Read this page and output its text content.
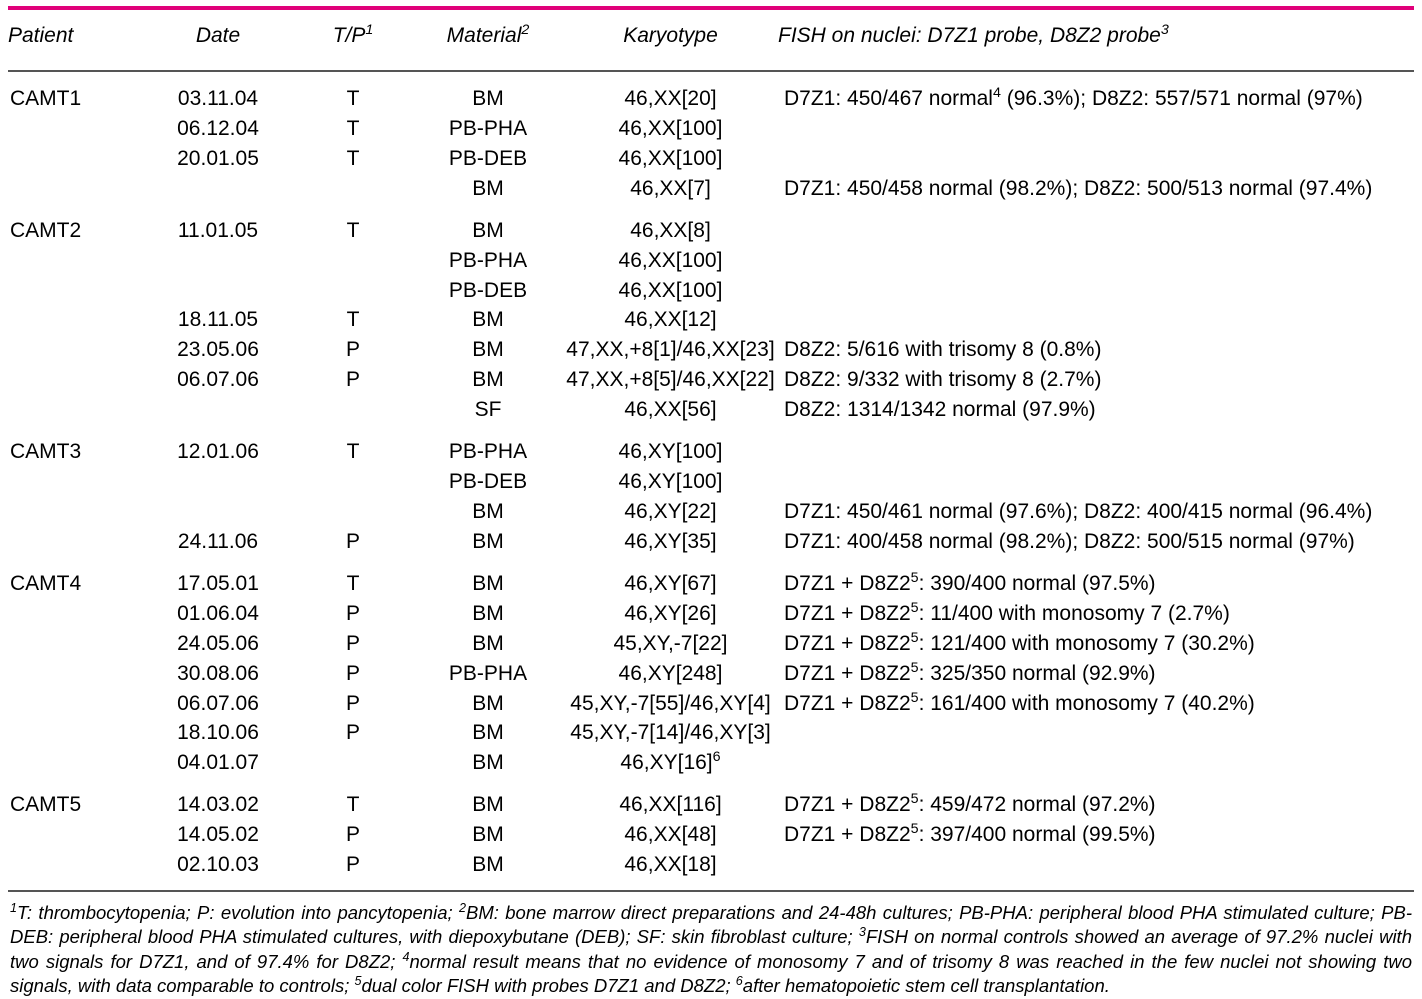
Patient	Date	$T/P^1$	Material$^2$	Karyotype	FISH on nuclei: D7Z1 probe, D8Z2 probe$^3$
CAMT1	03.11.04	T	BM	46,XX[20]	D7Z1: 450/467 normal$^4$ (96.3%); D8Z2: 557/571 normal (97%)
	06.12.04	T	PB-PHA	46,XX[100]	
	20.01.05	T	PB-DEB	46,XX[100]	
			BM	46,XX[7]	D7Z1: 450/458 normal (98.2%); D8Z2: 500/513 normal (97.4%)
CAMT2	11.01.05	T	BM	46,XX[8]	
			PB-PHA	46,XX[100]	
			PB-DEB	46,XX[100]	
	18.11.05	T	BM	46,XX[12]	
	23.05.06	P	BM	47,XX,+8[1]/46,XX[23]	D8Z2: 5/616 with trisomy 8 (0.8%)
	06.07.06	P	BM	47,XX,+8[5]/46,XX[22]	D8Z2: 9/332 with trisomy 8 (2.7%)
			SF	46,XX[56]	D8Z2: 1314/1342 normal (97.9%)
CAMT3	12.01.06	T	PB-PHA	46,XY[100]	
			PB-DEB	46,XY[100]	
			BM	46,XY[22]	D7Z1: 450/461 normal (97.6%); D8Z2: 400/415 normal (96.4%)
	24.11.06	P	BM	46,XY[35]	D7Z1: 400/458 normal (98.2%); D8Z2: 500/515 normal (97%)
CAMT4	17.05.01	T	BM	46,XY[67]	$D7Z1 + D8Z2^5$: 390/400 normal (97.5%)
	01.06.04	P	BM	46,XY[26]	$D7Z1 + D8Z2^5$: 11/400 with monosomy 7 (2.7%)
	24.05.06	P	BM	45,XY,-7[22]	$D7Z1 + D8Z2^5$: 121/400 with monosomy 7 (30.2%)
	30.08.06	P	PB-PHA	46,XY[248]	$D7Z1 + D8Z2^5$: 325/350 normal (92.9%)
	06.07.06	P	BM	45,XY,-7[55]/46,XY[4]	$D7Z1 + D8Z2^5$: 161/400 with monosomy 7 (40.2%)
	18.10.06	P	BM	45,XY,-7[14]/46,XY[3]	
	04.01.07		BM	$46,XY[16]^6$	
CAMT5	14.03.02	T	BM	46,XX[116]	$D7Z1 + D8Z2^5$: 459/472 normal (97.2%)
	14.05.02	P	BM	46,XX[48]	$D7Z1 + D8Z2^5$: 397/400 normal (99.5%)
	02.10.03	P	BM	46,XX[18]	
$^1$T: thrombocytopenia; P: evolution into pancytopenia; $^2$BM: bone marrow direct preparations and 24-48h cultures; PB-PHA: peripheral blood PHA stimulated culture; PB-DEB: peripheral blood PHA stimulated cultures, with diepoxybutane (DEB); SF: skin fibroblast culture; $^3$FISH on normal controls showed an average of 97.2% nuclei with two signals for D7Z1, and of 97.4% for D8Z2; $^4$normal result means that no evidence of monosomy 7 and of trisomy 8 was reached in the few nuclei not showing two signals, with data comparable to controls; $^5$dual color FISH with probes D7Z1 and D8Z2; $^6$after hematopoietic stem cell transplantation.
